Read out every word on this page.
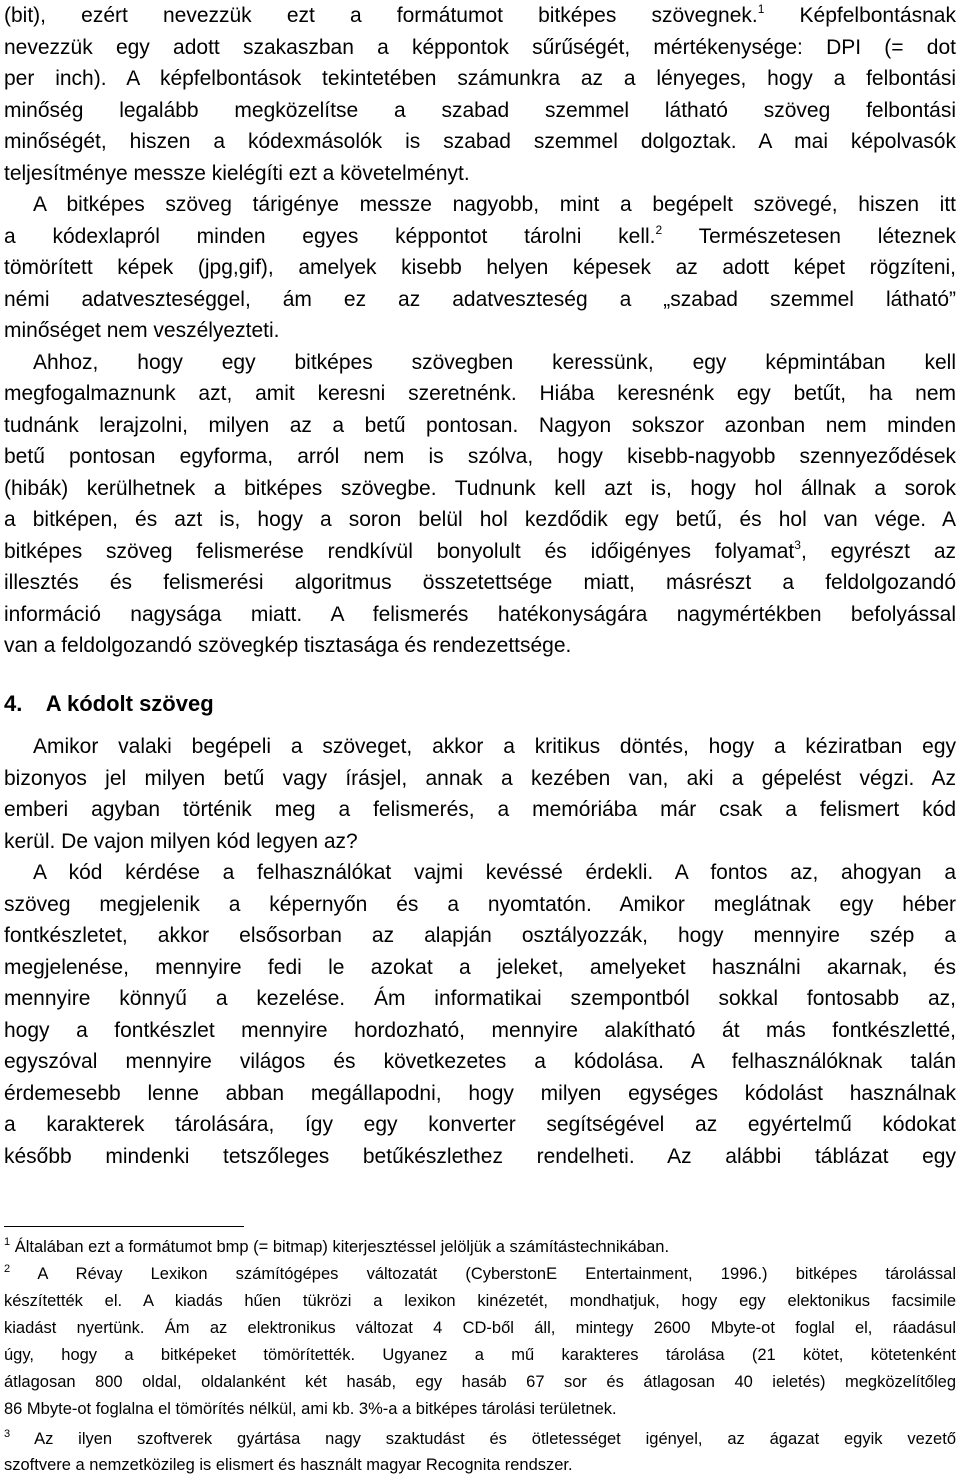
(bit), ezért nevezzük ezt a formátumot bitképes szövegnek.$^1$ Képfelbontásnak
nevezzük egy adott szakaszban a képpontok sűrűségét, mértékenysége: DPI (= dot
per inch). A képfelbontások tekintetében számunkra az a lényeges, hogy a felbontási
minőség legalább megközelítse a szabad szemmel látható szöveg felbontási
minőségét, hiszen a kódexmásolók is szabad szemmel dolgoztak. A mai képolvasók
teljesítménye messze kielégíti ezt a követelményt.
A bitképes szöveg tárigénye messze nagyobb, mint a begépelt szövegé, hiszen itt
a kódexlapról minden egyes képpontot tárolni kell.$^2$ Természetesen léteznek
tömörített képek (jpg,gif), amelyek kisebb helyen képesek az adott képet rögzíteni,
némi adatveszteséggel, ám ez az adatveszteség a „szabad szemmel látható”
minőséget nem veszélyezteti.
Ahhoz, hogy egy bitképes szövegben keressünk, egy képmintában kell
megfogalmaznunk azt, amit keresni szeretnénk. Hiába keresnénk egy betűt, ha nem
tudnánk lerajzolni, milyen az a betű pontosan. Nagyon sokszor azonban nem minden
betű pontosan egyforma, arról nem is szólva, hogy kisebb-nagyobb szennyeződések
(hibák) kerülhetnek a bitképes szövegbe. Tudnunk kell azt is, hogy hol állnak a sorok
a bitképen, és azt is, hogy a soron belül hol kezdődik egy betű, és hol van vége. A
bitképes szöveg felismerése rendkívül bonyolult és időigényes folyamat$^3$, egyrészt az
illesztés és felismerési algoritmus összetettsége miatt, másrészt a feldolgozandó
információ nagysága miatt. A felismerés hatékonyságára nagymértékben befolyással
van a feldolgozandó szövegkép tisztasága és rendezettsége.
4. A kódolt szöveg
Amikor valaki begépeli a szöveget, akkor a kritikus döntés, hogy a kéziratban egy
bizonyos jel milyen betű vagy írásjel, annak a kezében van, aki a gépelést végzi. Az
emberi agyban történik meg a felismerés, a memóriába már csak a felismert kód
kerül. De vajon milyen kód legyen az?
A kód kérdése a felhasználókat vajmi kevéssé érdekli. A fontos az, ahogyan a
szöveg megjelenik a képernyőn és a nyomtatón. Amikor meglátnak egy héber
fontkészletet, akkor elsősorban az alapján osztályozzák, hogy mennyire szép a
megjelenése, mennyire fedi le azokat a jeleket, amelyeket használni akarnak, és
mennyire könnyű a kezelése. Ám informatikai szempontból sokkal fontosabb az,
hogy a fontkészlet mennyire hordozható, mennyire alakítható át más fontkészletté,
egyszóval mennyire világos és következetes a kódolása. A felhasználóknak talán
érdemesebb lenne abban megállapodni, hogy milyen egységes kódolást használnak
a karakterek tárolására, így egy konverter segítségével az egyértelmű kódokat
később mindenki tetszőleges betűkészlethez rendelheti. Az alábbi táblázat egy
$^1$ Általában ezt a formátumot bmp (= bitmap) kiterjesztéssel jelöljük a számítástechnikában.
$^2$ A Révay Lexikon számítógépes változatát (CyberstonE Entertainment, 1996.) bitképes tárolással
készítették el. A kiadás hűen tükrözi a lexikon kinézetét, mondhatjuk, hogy egy elektonikus facsimile
kiadást nyertünk. Ám az elektronikus változat 4 CD-ből áll, mintegy 2600 Mbyte-ot foglal el, ráadásul
úgy, hogy a bitképeket tömörítették. Ugyanez a mű karakteres tárolása (21 kötet, kötetenként
átlagosan 800 oldal, oldalanként két hasáb, egy hasáb 67 sor és átlagosan 40 ieletés) megközelítőleg
86 Mbyte-ot foglalna el tömörítés nélkül, ami kb. 3%-a a bitképes tárolási területnek.
$^3$ Az ilyen szoftverek gyártása nagy szaktudást és ötletességet igényel, az ágazat egyik vezető
szoftvere a nemzetközileg is elismert és használt magyar Recognita rendszer.
